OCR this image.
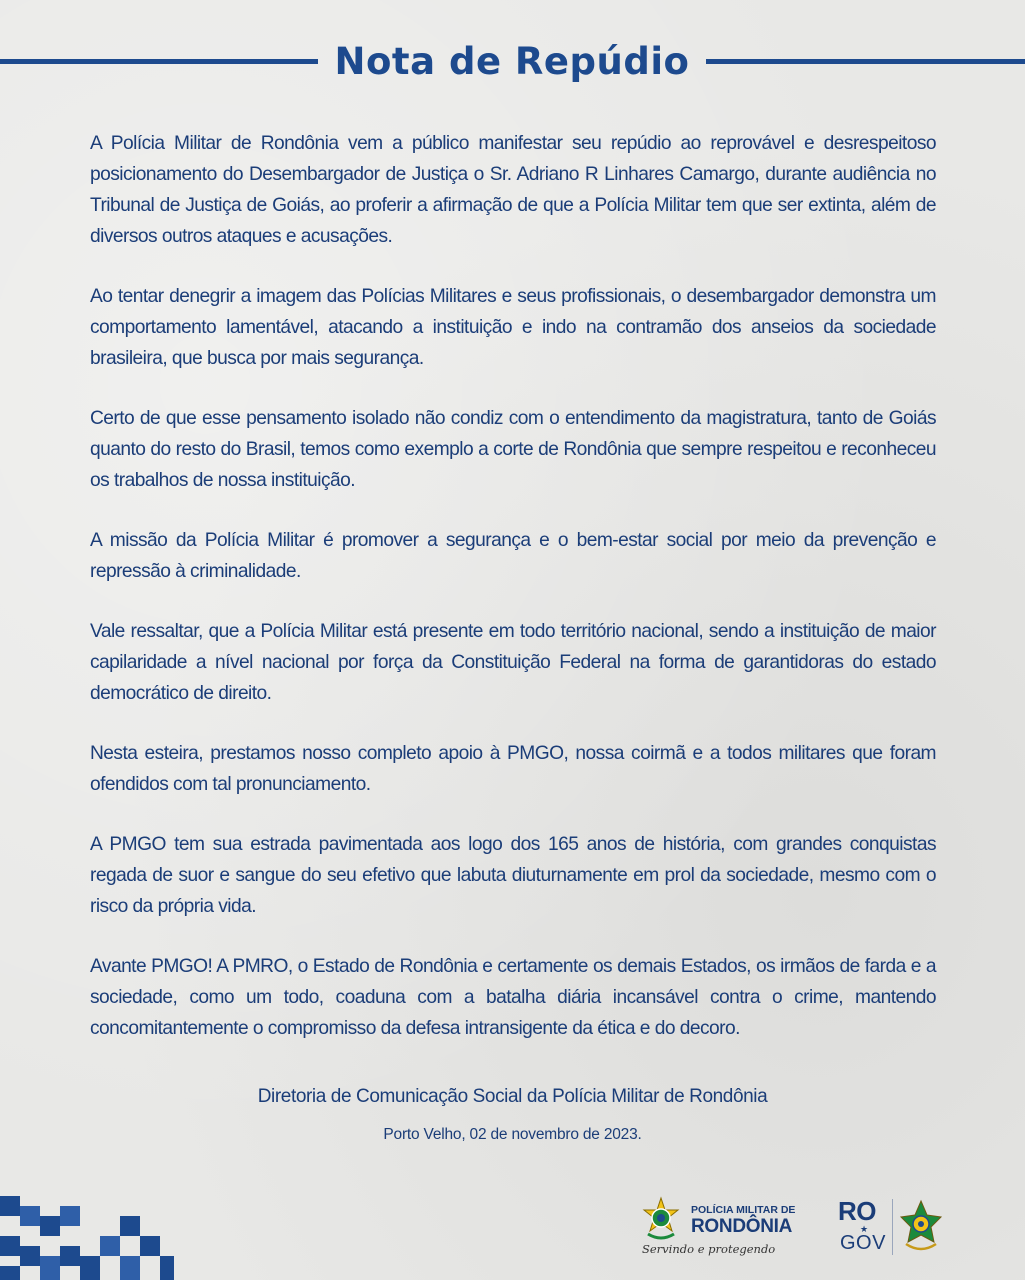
Nota de Repúdio

A Polícia Militar de Rondônia vem a público manifestar seu repúdio ao reprovável e desrespeitoso posicionamento do Desembargador de Justiça o Sr. Adriano R Linhares Camargo, durante audiência no Tribunal de Justiça de Goiás, ao proferir a afirmação de que a Polícia Militar tem que ser extinta, além de diversos outros ataques e acusações.

Ao tentar denegrir a imagem das Polícias Militares e seus profissionais, o desembargador demonstra um comportamento lamentável, atacando a instituição e indo na contramão dos anseios da sociedade brasileira, que busca por mais segurança.

Certo de que esse pensamento isolado não condiz com o entendimento da magistratura, tanto de Goiás quanto do resto do Brasil, temos como exemplo a corte de Rondônia que sempre respeitou e reconheceu os trabalhos de nossa instituição.

A missão da Polícia Militar é promover a segurança e o bem-estar social por meio da prevenção e repressão à criminalidade.

Vale ressaltar, que a Polícia Militar está presente em todo território nacional, sendo a instituição de maior capilaridade a nível nacional por força da Constituição Federal na forma de garantidoras do estado democrático de direito.

Nesta esteira, prestamos nosso completo apoio à PMGO, nossa coirmã e a todos militares que foram ofendidos com tal pronunciamento.

A PMGO tem sua estrada pavimentada aos logo dos 165 anos de história, com grandes conquistas regada de suor e sangue do seu efetivo que labuta diuturnamente em prol da sociedade, mesmo com o risco da própria vida.

Avante PMGO! A PMRO, o Estado de Rondônia e certamente os demais Estados, os irmãos de farda e a sociedade, como um todo, coaduna com a batalha diária incansável contra o crime, mantendo concomitantemente o compromisso da defesa intransigente da ética e do decoro.

Diretoria de Comunicação Social da Polícia Militar de Rondônia
Porto Velho, 02 de novembro de 2023.
POLÍCIA MILITAR DE
RONDÔNIA
Servindo e protegendo
RO
★
GOV
